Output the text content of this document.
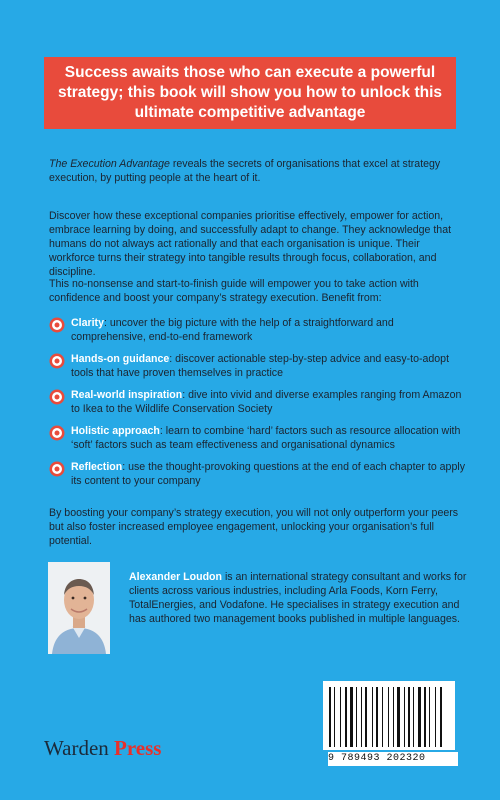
Success awaits those who can execute a powerful strategy; this book will show you how to unlock this ultimate competitive advantage
The Execution Advantage reveals the secrets of organisations that excel at strategy execution, by putting people at the heart of it.
Discover how these exceptional companies prioritise effectively, empower for action, embrace learning by doing, and successfully adapt to change. They acknowledge that humans do not always act rationally and that each organisation is unique. Their workforce turns their strategy into tangible results through focus, collaboration, and discipline.
This no-nonsense and start-to-finish guide will empower you to take action with confidence and boost your company’s strategy execution. Benefit from:
Clarity: uncover the big picture with the help of a straightforward and comprehensive, end-to-end framework
Hands-on guidance: discover actionable step-by-step advice and easy-to-adopt tools that have proven themselves in practice
Real-world inspiration: dive into vivid and diverse examples ranging from Amazon to Ikea to the Wildlife Conservation Society
Holistic approach: learn to combine ‘hard’ factors such as resource allocation with ‘soft’ factors such as team effectiveness and organisational dynamics
Reflection: use the thought-provoking questions at the end of each chapter to apply its content to your company
By boosting your company’s strategy execution, you will not only outperform your peers but also foster increased employee engagement, unlocking your organisation’s full potential.
Alexander Loudon is an international strategy consultant and works for clients across various industries, including Arla Foods, Korn Ferry, TotalEnergies, and Vodafone. He specialises in strategy execution and has authored two management books published in multiple languages.
Warden Press	9 789493 202320
